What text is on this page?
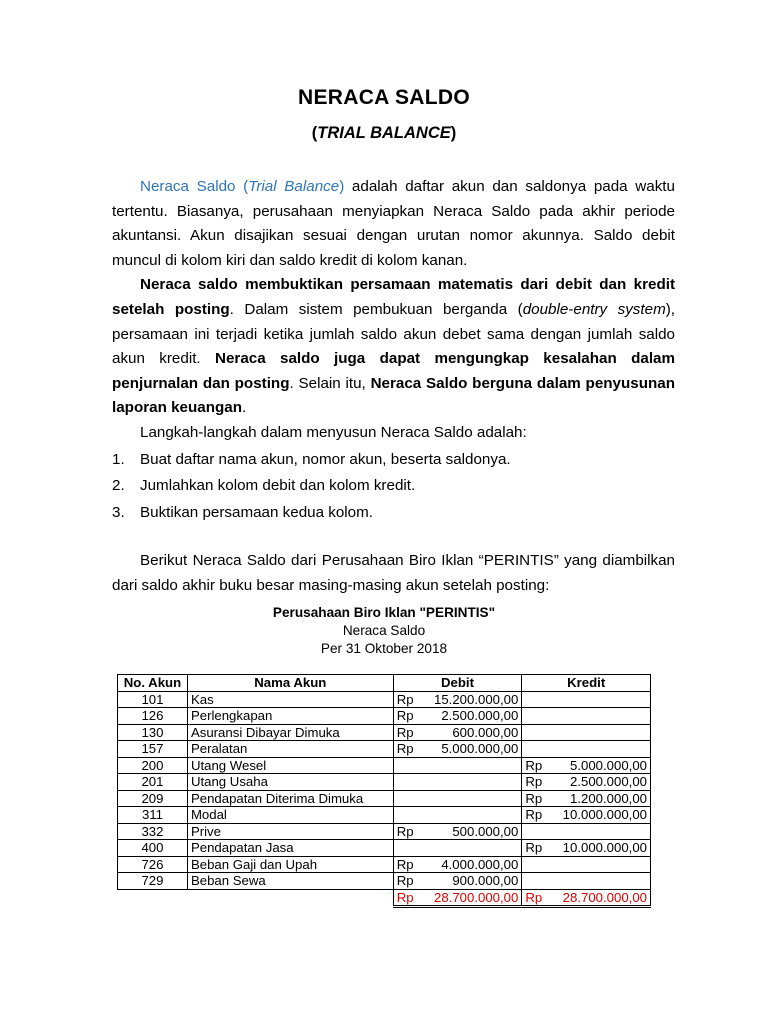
NERACA SALDO
(TRIAL BALANCE)

Neraca Saldo (Trial Balance) adalah daftar akun dan saldonya pada waktu tertentu. Biasanya, perusahaan menyiapkan Neraca Saldo pada akhir periode akuntansi. Akun disajikan sesuai dengan urutan nomor akunnya. Saldo debit muncul di kolom kiri dan saldo kredit di kolom kanan.

Neraca saldo membuktikan persamaan matematis dari debit dan kredit setelah posting. Dalam sistem pembukuan berganda (double-entry system), persamaan ini terjadi ketika jumlah saldo akun debet sama dengan jumlah saldo akun kredit. Neraca saldo juga dapat mengungkap kesalahan dalam penjurnalan dan posting. Selain itu, Neraca Saldo berguna dalam penyusunan laporan keuangan.

Langkah-langkah dalam menyusun Neraca Saldo adalah:

1. Buat daftar nama akun, nomor akun, beserta saldonya.
2. Jumlahkan kolom debit dan kolom kredit.
3. Buktikan persamaan kedua kolom.

Berikut Neraca Saldo dari Perusahaan Biro Iklan “PERINTIS” yang diambilkan dari saldo akhir buku besar masing-masing akun setelah posting:

Perusahaan Biro Iklan "PERINTIS"
Neraca Saldo
Per 31 Oktober 2018
No. Akun	Nama Akun	Debit	Kredit
101	Kas	Rp 15.200.000,00	

126	Perlengkapan	Rp 2.500.000,00	

130	Asuransi Dibayar Dimuka	Rp 600.000,00	

157	Peralatan	Rp 5.000.000,00	

200	Utang Wesel		Rp 5.000.000,00

201	Utang Usaha		Rp 2.500.000,00

209	Pendapatan Diterima Dimuka		Rp 1.200.000,00

311	Modal		Rp 10.000.000,00

332	Prive	Rp 500.000,00	

400	Pendapatan Jasa		Rp 10.000.000,00

726	Beban Gaji dan Upah	Rp 4.000.000,00	

729	Beban Sewa	Rp 900.000,00	

		Rp 28.700.000,00	Rp 28.700.000,00
